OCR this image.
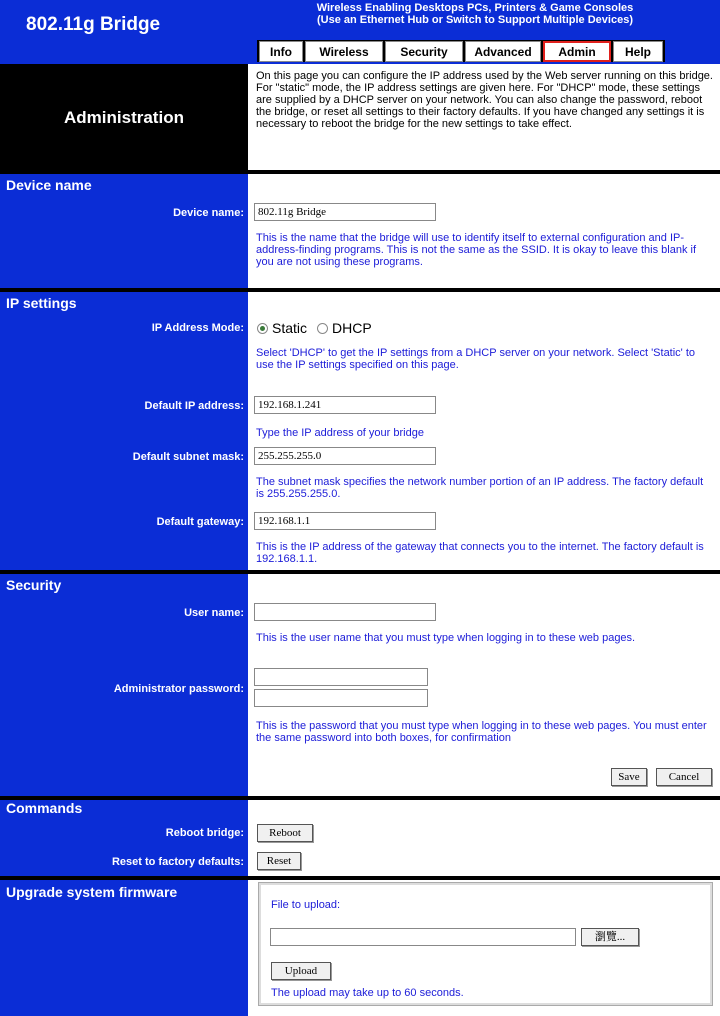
802.11g Bridge
Wireless Enabling Desktops PCs, Printers & Game Consoles
(Use an Ethernet Hub or Switch to Support Multiple Devices)
Info	Wireless	Security	Advanced	Admin	Help
Administration
On this page you can configure the IP address used by the Web server running on this bridge. For "static" mode, the IP address settings are given here. For "DHCP" mode, these settings are supplied by a DHCP server on your network. You can also change the password, reboot the bridge, or reset all settings to their factory defaults. If you have changed any settings it is necessary to reboot the bridge for the new settings to take effect.
Device name
Device name:	802.11g Bridge
This is the name that the bridge will use to identify itself to external configuration and IP-address-finding programs. This is not the same as the SSID. It is okay to leave this blank if you are not using these programs.
IP settings
IP Address Mode: Static DHCP
Select 'DHCP' to get the IP settings from a DHCP server on your network. Select 'Static' to use the IP settings specified on this page.
Default IP address:	192.168.1.241
Type the IP address of your bridge
Default subnet mask:	255.255.255.0
The subnet mask specifies the network number portion of an IP address. The factory default is 255.255.255.0.
Default gateway:	192.168.1.1
This is the IP address of the gateway that connects you to the internet. The factory default is 192.168.1.1.
Security
User name:
This is the user name that you must type when logging in to these web pages.
Administrator password:
This is the password that you must type when logging in to these web pages. You must enter the same password into both boxes, for confirmation
Save	Cancel
Commands
Reboot bridge:	Reboot
Reset to factory defaults:	Reset
Upgrade system firmware
File to upload:
瀏覽...
Upload
The upload may take up to 60 seconds.
